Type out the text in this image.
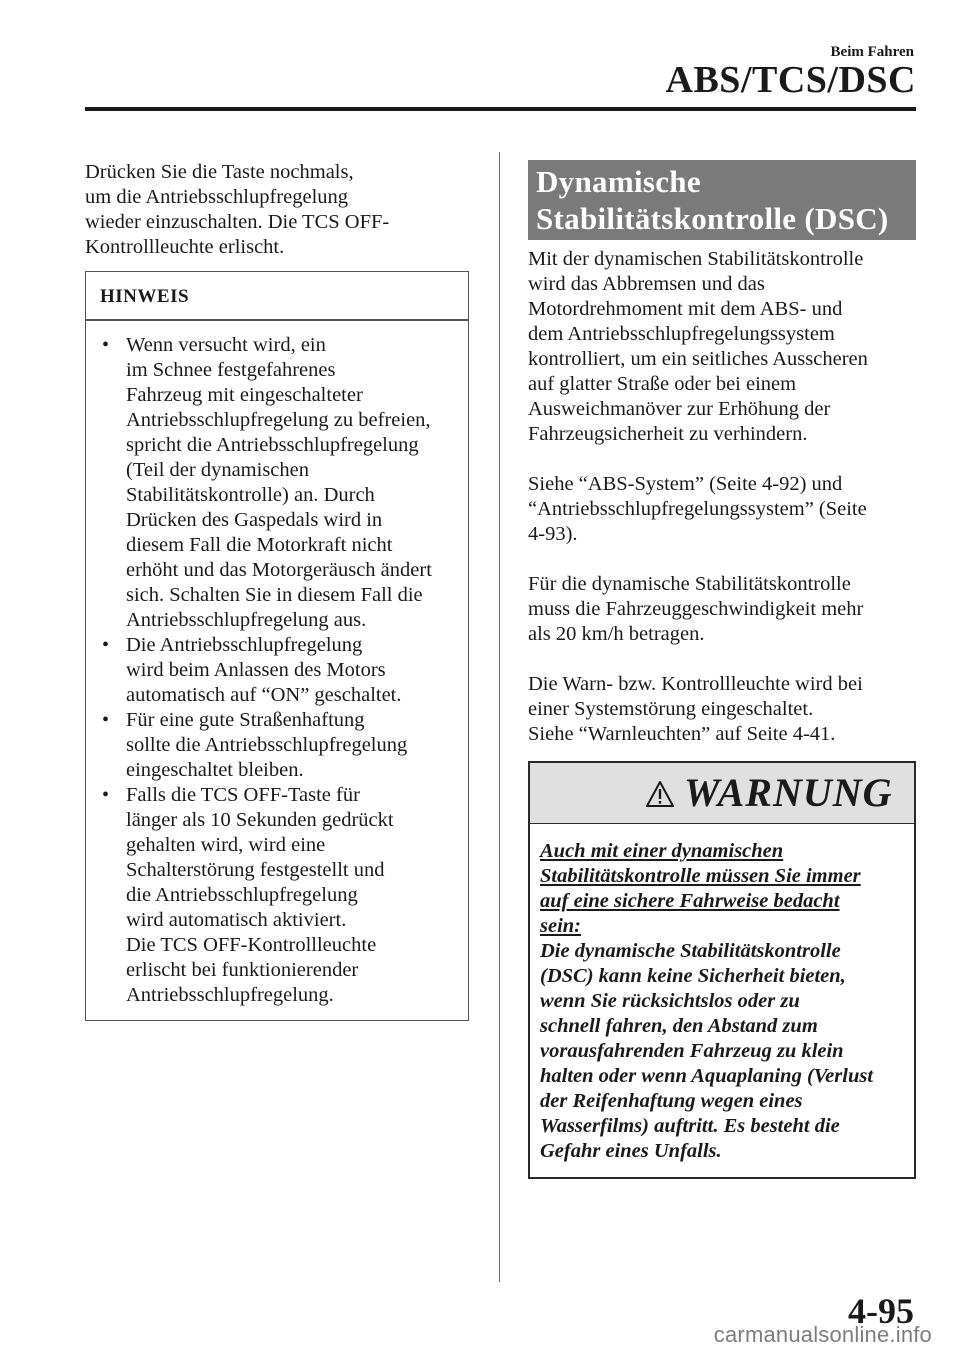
Beim Fahren
ABS/TCS/DSC

Drücken Sie die Taste nochmals,

um die Antriebsschlupfregelung

wieder einzuschalten. Die TCS OFF-

Kontrollleuchte erlischt.

HINWEIS
• Wenn versucht wird, ein

im Schnee festgefahrenes

Fahrzeug mit eingeschalteter

Antriebsschlupfregelung zu befreien,

spricht die Antriebsschlupfregelung

(Teil der dynamischen

Stabilitätskontrolle) an. Durch

Drücken des Gaspedals wird in

diesem Fall die Motorkraft nicht

erhöht und das Motorgeräusch ändert

sich. Schalten Sie in diesem Fall die

Antriebsschlupfregelung aus.

• Die Antriebsschlupfregelung

wird beim Anlassen des Motors

automatisch auf “ON” geschaltet.

• Für eine gute Straßenhaftung

sollte die Antriebsschlupfregelung

eingeschaltet bleiben.

• Falls die TCS OFF-Taste für

länger als 10 Sekunden gedrückt

gehalten wird, wird eine

Schalterstörung festgestellt und

die Antriebsschlupfregelung

wird automatisch aktiviert.

Die TCS OFF-Kontrollleuchte

erlischt bei funktionierender

Antriebsschlupfregelung.

Dynamische
Stabilitätskontrolle (DSC)

Mit der dynamischen Stabilitätskontrolle

wird das Abbremsen und das

Motordrehmoment mit dem ABS- und

dem Antriebsschlupfregelungssystem

kontrolliert, um ein seitliches Ausscheren

auf glatter Straße oder bei einem

Ausweichmanöver zur Erhöhung der

Fahrzeugsicherheit zu verhindern.

Siehe “ABS-System” (Seite 4-92) und

“Antriebsschlupfregelungssystem” (Seite

4-93).

Für die dynamische Stabilitätskontrolle

muss die Fahrzeuggeschwindigkeit mehr

als 20 km/h betragen.

Die Warn- bzw. Kontrollleuchte wird bei

einer Systemstörung eingeschaltet.

Siehe “Warnleuchten” auf Seite 4-41.

WARNUNG
Auch mit einer dynamischen
Stabilitätskontrolle müssen Sie immer
auf eine sichere Fahrweise bedacht
sein:
Die dynamische Stabilitätskontrolle
(DSC) kann keine Sicherheit bieten,
wenn Sie rücksichtslos oder zu
schnell fahren, den Abstand zum
vorausfahrenden Fahrzeug zu klein
halten oder wenn Aquaplaning (Verlust
der Reifenhaftung wegen eines
Wasserfilms) auftritt. Es besteht die
Gefahr eines Unfalls.
4-95
carmanualsonline.info
